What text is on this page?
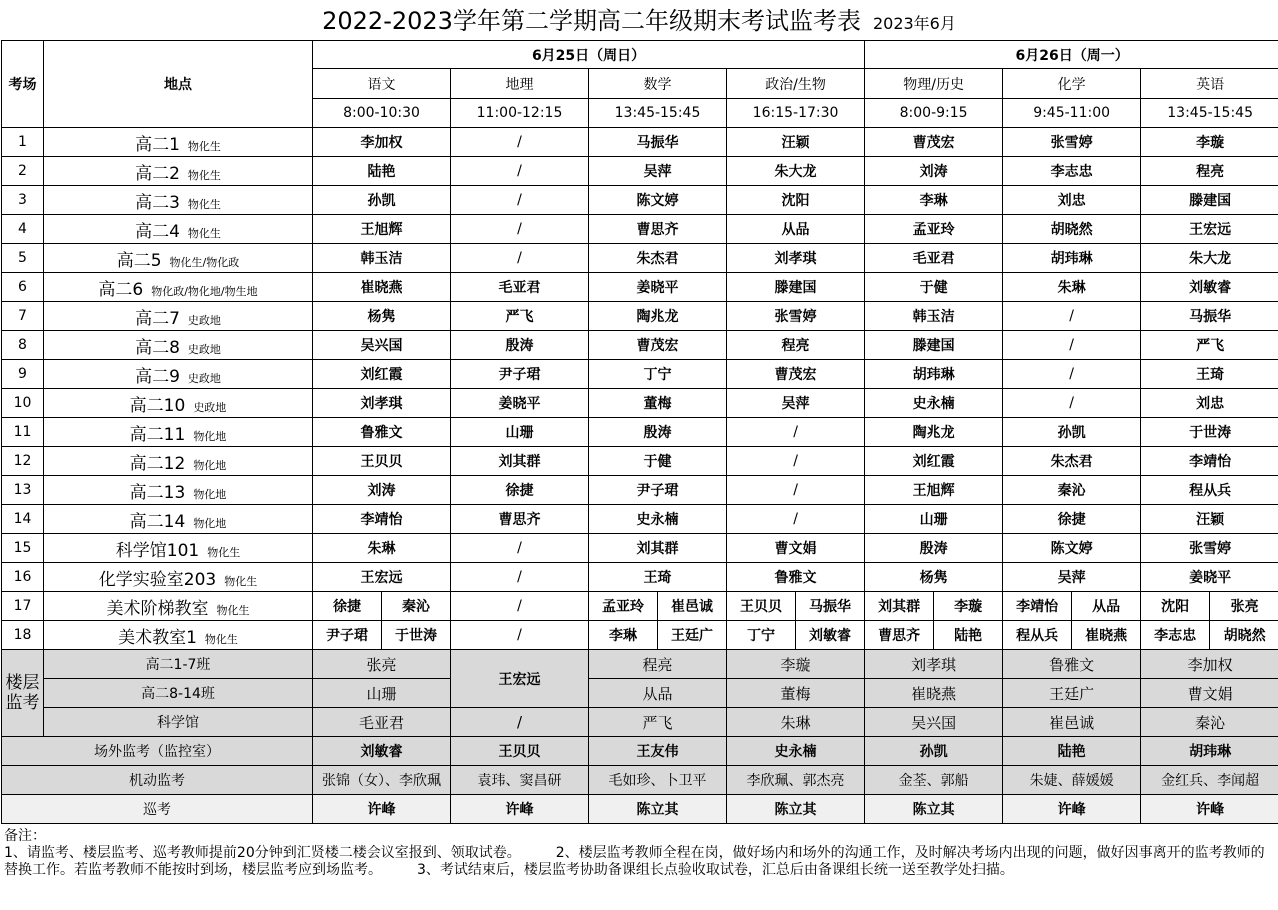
2022-2023学年第二学期高二年级期末考试监考表 2023年6月
考场	地点	6月25日（周日）							6月26日（周一）					
		语文		地理	数学		政治/生物		物理/历史		化学		英语	
		8:00-10:30		11:00-12:15	13:45-15:45		16:15-17:30		8:00-9:15		9:45-11:00		13:45-15:45	
1	高二1 物化生	李加权		/	马振华		汪颖		曹茂宏		张雪婷		李璇	
2	高二2 物化生	陆艳		/	吴萍		朱大龙		刘涛		李志忠		程亮	
3	高二3 物化生	孙凯		/	陈文婷		沈阳		李琳		刘忠		滕建国	
4	高二4 物化生	王旭辉		/	曹思齐		从品		孟亚玲		胡晓然		王宏远	
5	高二5 物化生/物化政	韩玉洁		/	朱杰君		刘孝琪		毛亚君		胡玮琳		朱大龙	
6	高二6 物化政/物化地/物生地	崔晓燕		毛亚君	姜晓平		滕建国		于健		朱琳		刘敏睿	
7	高二7 史政地	杨隽		严飞	陶兆龙		张雪婷		韩玉洁		/		马振华	
8	高二8 史政地	吴兴国		殷涛	曹茂宏		程亮		滕建国		/		严飞	
9	高二9 史政地	刘红霞		尹子珺	丁宁		曹茂宏		胡玮琳		/		王琦	
10	高二10 史政地	刘孝琪		姜晓平	董梅		吴萍		史永楠		/		刘忠	
11	高二11 物化地	鲁雅文		山珊	殷涛		/		陶兆龙		孙凯		于世涛	
12	高二12 物化地	王贝贝		刘其群	于健		/		刘红霞		朱杰君		李靖怡	
13	高二13 物化地	刘涛		徐捷	尹子珺		/		王旭辉		秦沁		程从兵	
14	高二14 物化地	李靖怡		曹思齐	史永楠		/		山珊		徐捷		汪颖	
15	科学馆101 物化生	朱琳		/	刘其群		曹文娟		殷涛		陈文婷		张雪婷	
16	化学实验室203 物化生	王宏远		/	王琦		鲁雅文		杨隽		吴萍		姜晓平	
17	美术阶梯教室 物化生	徐捷	秦沁	/	孟亚玲	崔邑诚	王贝贝	马振华	刘其群	李璇	李靖怡	从品	沈阳	张亮
18	美术教室1 物化生	尹子珺	于世涛	/	李琳	王廷广	丁宁	刘敏睿	曹思齐	陆艳	程从兵	崔晓燕	李志忠	胡晓然
楼层监考	高二1-7班	张亮		王宏远	程亮		李璇		刘孝琪		鲁雅文		李加权	
	高二8-14班	山珊			从品		董梅		崔晓燕		王廷广		曹文娟	
	科学馆	毛亚君		/	严飞		朱琳		吴兴国		崔邑诚		秦沁	
场外监考（监控室）		刘敏睿		王贝贝	王友伟		史永楠		孙凯		陆艳		胡玮琳	
机动监考		张锦（女）、李欣珮		袁玮、窦昌研	毛如珍、卜卫平		李欣珮、郭杰亮		金荃、郭船		朱婕、薛媛媛		金红兵、李闻超	
巡考		许峰		许峰	陈立其		陈立其		陈立其		许峰		许峰	
备注：
1、请监考、楼层监考、巡考教师提前20分钟到汇贤楼二楼会议室报到、领取试卷。　　　2、楼层监考教师全程在岗，做好场内和场外的沟通工作，及时解决考场内出现的问题，做好因事离开的监考教师的替换工作。若监考教师不能按时到场，楼层监考应到场监考。　　　3、考试结束后，楼层监考协助备课组长点验收取试卷，汇总后由备课组长统一送至教学处扫描。
